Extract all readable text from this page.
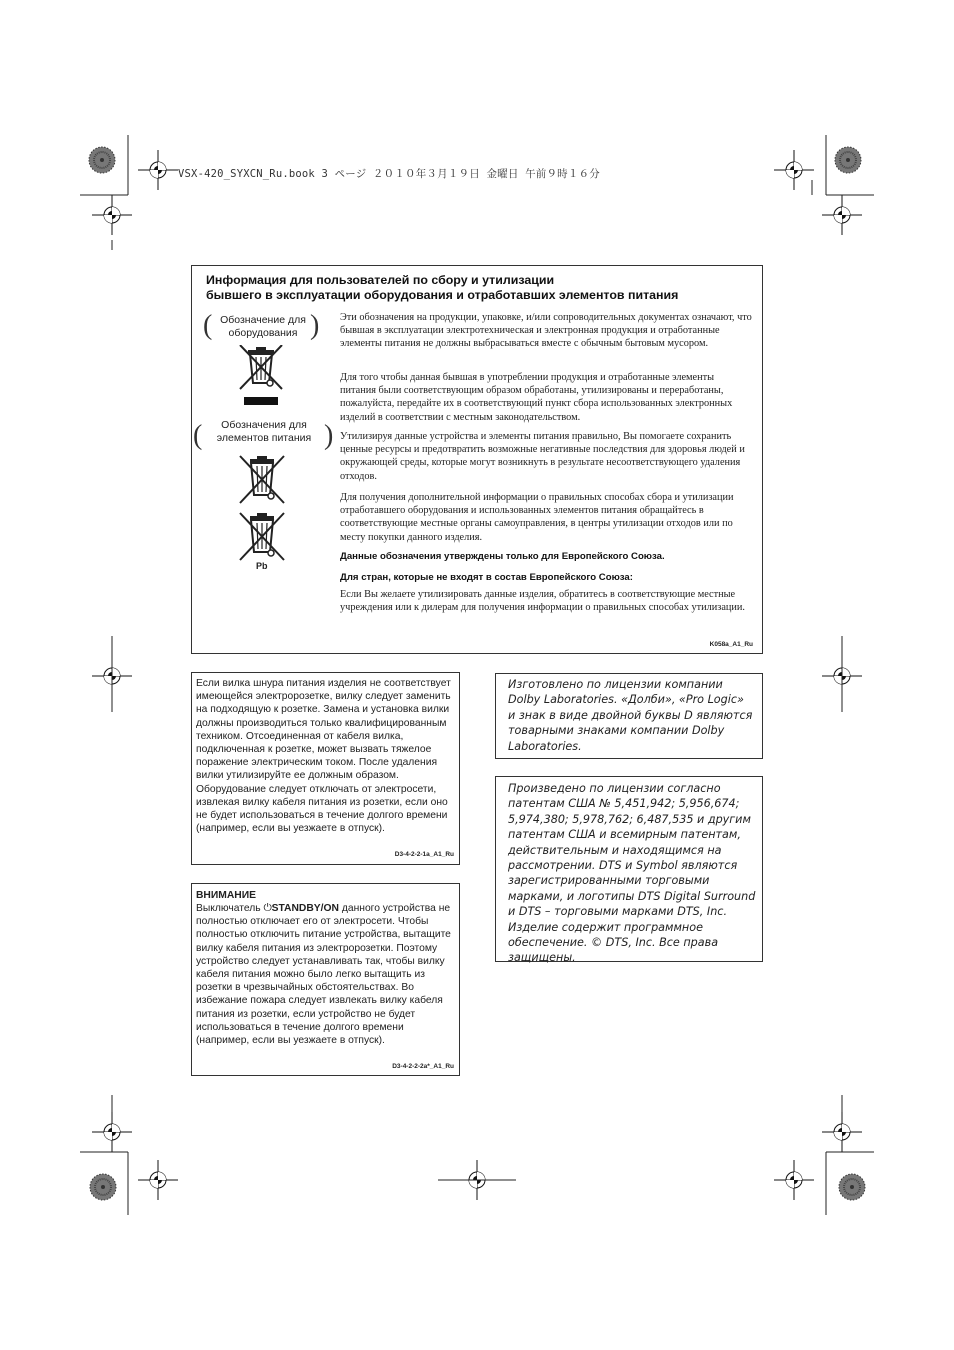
VSX-420_SYXCN_Ru.book 3 ページ ２０１０年３月１９日 金曜日 午前９時１６分
Информация для пользователей по сбору и утилизации
бывшего в эксплуатации оборудования и отработавших элементов питания
( Обозначение для оборудования )
(	Обозначения для элементов питания )
Pb

Эти обозначения на продукции, упаковке, и/или сопроводительных документах означают, что бывшая в эксплуатации электротехническая и электронная продукция и отработанные элементы питания не должны выбрасываться вместе с обычным бытовым мусором.

Для того чтобы данная бывшая в употреблении продукция и отработанные элементы питания были соответствующим образом обработаны, утилизированы и переработаны, пожалуйста, передайте их в соответствующий пункт сбора использованных электронных изделий в соответствии с местным законодательством.

Утилизируя данные устройства и элементы питания правильно, Вы помогаете сохранить ценные ресурсы и предотвратить возможные негативные последствия для здоровья людей и окружающей среды, которые могут возникнуть в результате несоответствующего удаления отходов.

Для получения дополнительной информации о правильных способах сбора и утилизации отработавшего оборудования и использованных элементов питания обращайтесь в соответствующие местные органы самоуправления, в центры утилизации отходов или по месту покупки данного изделия.

Данные обозначения утверждены только для Европейского Союза.
Для стран, которые не входят в состав Европейского Союза:

Если Вы желаете утилизировать данные изделия, обратитесь в соответствующие местные учреждения или к дилерам для получения информации о правильных способах утилизации.

K058a_A1_Ru

Если вилка шнура питания изделия не соответствует имеющейся электророзетке, вилку следует заменить на подходящую к розетке. Замена и установка вилки должны производиться только квалифицированным техником. Отсоединенная от кабеля вилка, подключенная к розетке, может вызвать тяжелое поражение электрическим током. После удаления вилки утилизируйте ее должным образом. Оборудование следует отключать от электросети, извлекая вилку кабеля питания из розетки, если оно не будет использоваться в течение долгого времени (например, если вы уезжаете в отпуск).

D3-4-2-2-1a_A1_Ru
ВНИМАНИЕ
Выключатель ⏻STANDBY/ON данного устройства не полностью отключает его от электросети. Чтобы полностью отключить питание устройства, вытащите вилку кабеля питания из электророзетки. Поэтому устройство следует устанавливать так, чтобы вилку кабеля питания можно было легко вытащить из розетки в чрезвычайных обстоятельствах. Во избежание пожара следует извлекать вилку кабеля питания из розетки, если устройство не будет использоваться в течение долгого времени (например, если вы уезжаете в отпуск).
D3-4-2-2-2a*_A1_Ru

Изготовлено по лицензии компании Dolby Laboratories. «Долби», «Pro Logic» и знак в виде двойной буквы D являются товарными знаками компании Dolby Laboratories.

Произведено по лицензии согласно патентам США № 5,451,942; 5,956,674; 5,974,380; 5,978,762; 6,487,535 и другим патентам США и всемирным патентам, действительным и находящимся на рассмотрении. DTS и Symbol являются зарегистрированными торговыми марками, и логотипы DTS Digital Surround и DTS – торговыми марками DTS, Inc. Изделие содержит программное обеспечение. © DTS, Inc. Все права защищены.
